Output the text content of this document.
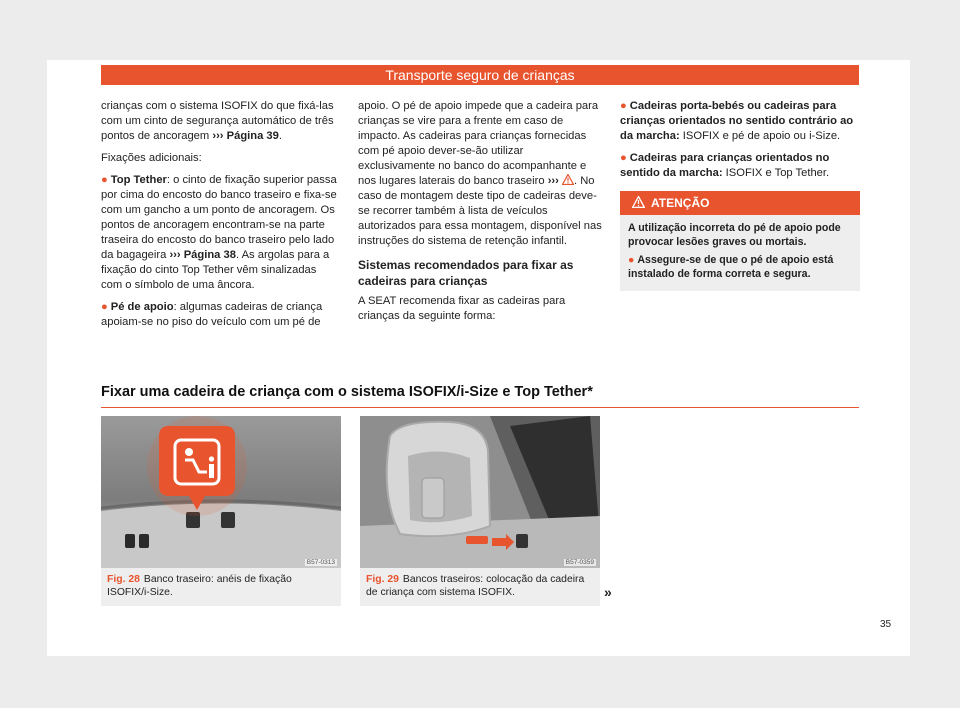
Transporte seguro de crianças

crianças com o sistema ISOFIX do que fixá-las com um cinto de segurança automático de três pontos de ancoragem ››› Página 39.

Fixações adicionais:

● Top Tether: o cinto de fixação superior passa por cima do encosto do banco traseiro e fixa-se com um gancho a um ponto de ancoragem. Os pontos de ancoragem encontram-se na parte traseira do encosto do banco traseiro pelo lado da bagageira ››› Página 38. As argolas para a fixação do cinto Top Tether vêm sinalizadas com o símbolo de uma âncora.

● Pé de apoio: algumas cadeiras de criança apoiam-se no piso do veículo com um pé de

apoio. O pé de apoio impede que a cadeira para crianças se vire para a frente em caso de impacto. As cadeiras para crianças fornecidas com pé apoio dever-se-ão utilizar exclusivamente no banco do acompanhante e nos lugares laterais do banco traseiro ››› . No caso de montagem deste tipo de cadeiras deve-se recorrer também à lista de veículos autorizados para essa montagem, disponível nas instruções do sistema de retenção infantil.

Sistemas recomendados para fixar as cadeiras para crianças

A SEAT recomenda fixar as cadeiras para crianças da seguinte forma:

● Cadeiras porta-bebés ou cadeiras para crianças orientados no sentido contrário ao da marcha: ISOFIX e pé de apoio ou i-Size.

● Cadeiras para crianças orientados no sentido da marcha: ISOFIX e Top Tether.

ATENÇÃO

A utilização incorreta do pé de apoio pode provocar lesões graves ou mortais.

● Assegure-se de que o pé de apoio está instalado de forma correta e segura.

Fixar uma cadeira de criança com o sistema ISOFIX/i-Size e Top Tether*
B57-0313
Fig. 28 Banco traseiro: anéis de fixação ISOFIX/i-Size.
B57-0359
Fig. 29 Bancos traseiros: colocação da cadeira de criança com sistema ISOFIX.	»
35
